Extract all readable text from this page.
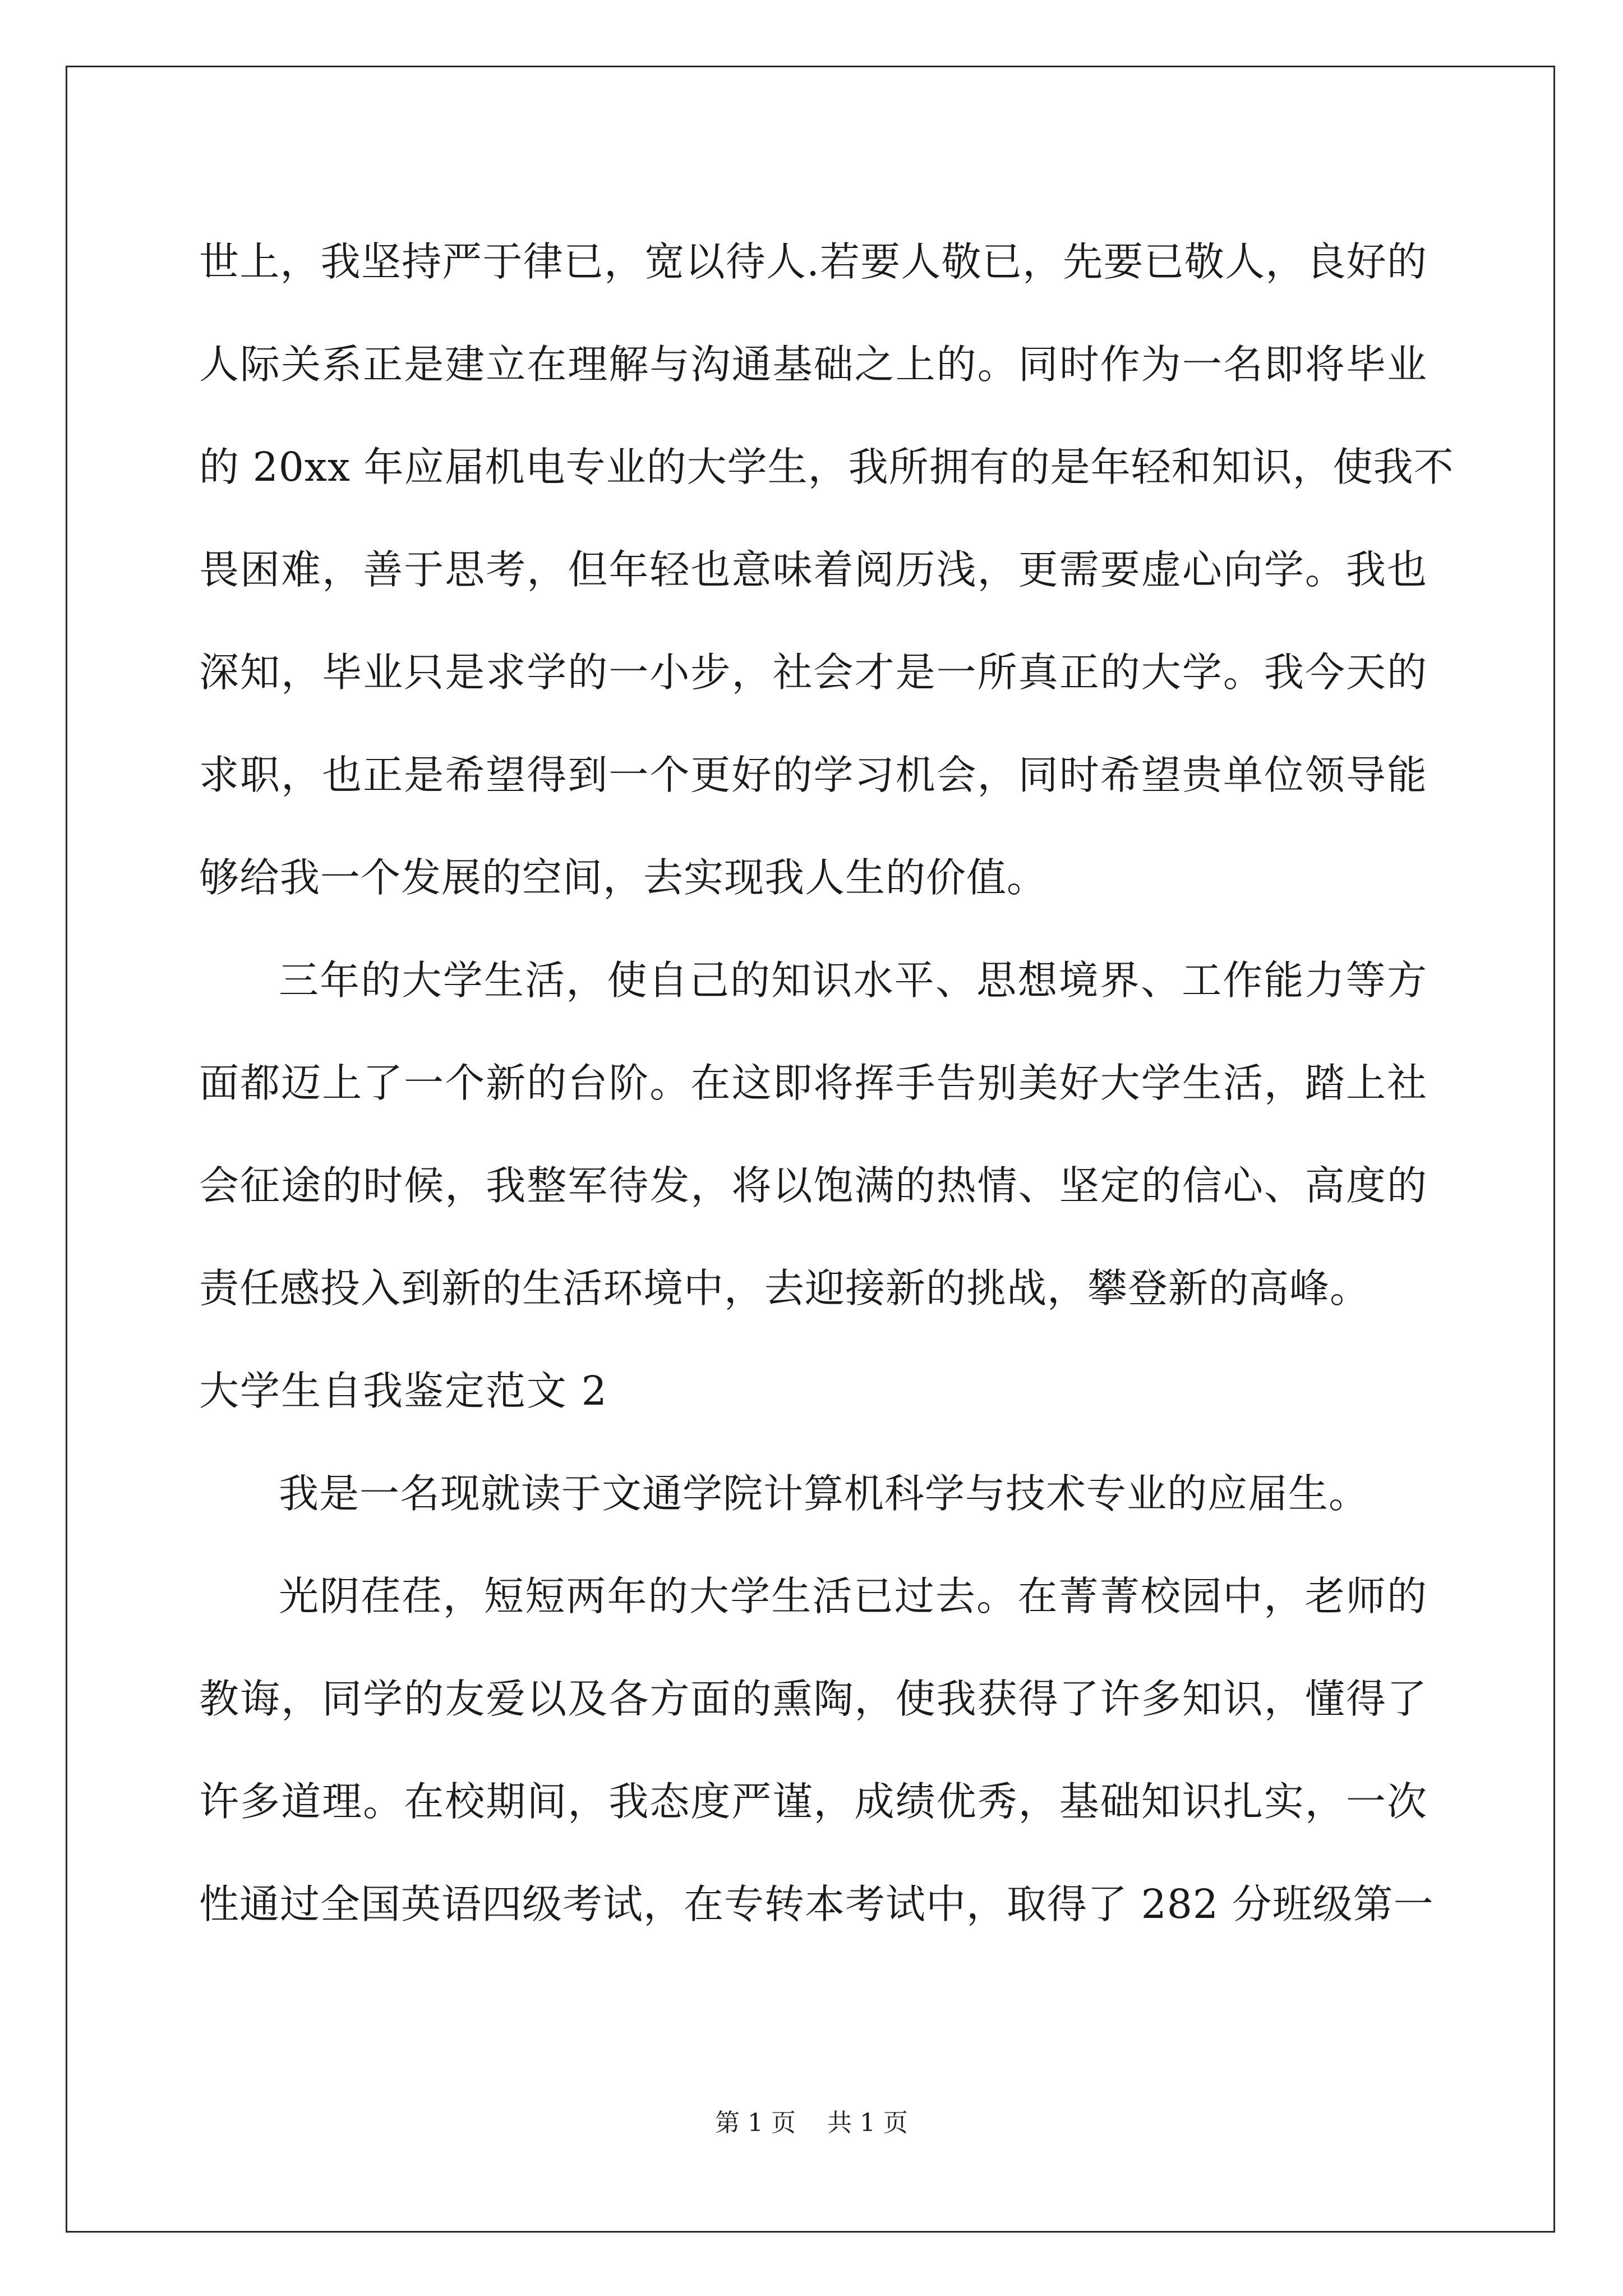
世上，我坚持严于律已，宽以待人.若要人敬已，先要已敬人，良好的
人际关系正是建立在理解与沟通基础之上的。同时作为一名即将毕业
的 20xx 年应届机电专业的大学生，我所拥有的是年轻和知识，使我不
畏困难，善于思考，但年轻也意味着阅历浅，更需要虚心向学。我也
深知，毕业只是求学的一小步，社会才是一所真正的大学。我今天的
求职，也正是希望得到一个更好的学习机会，同时希望贵单位领导能
够给我一个发展的空间，去实现我人生的价值。
三年的大学生活，使自己的知识水平、思想境界、工作能力等方
面都迈上了一个新的台阶。在这即将挥手告别美好大学生活，踏上社
会征途的时候，我整军待发，将以饱满的热情、坚定的信心、高度的
责任感投入到新的生活环境中，去迎接新的挑战，攀登新的高峰。
大学生自我鉴定范文 2
我是一名现就读于文通学院计算机科学与技术专业的应届生。
光阴荏荏，短短两年的大学生活已过去。在菁菁校园中，老师的
教诲，同学的友爱以及各方面的熏陶，使我获得了许多知识，懂得了
许多道理。在校期间，我态度严谨，成绩优秀，基础知识扎实，一次
性通过全国英语四级考试，在专转本考试中，取得了 282 分班级第一
第 1 页    共 1 页
